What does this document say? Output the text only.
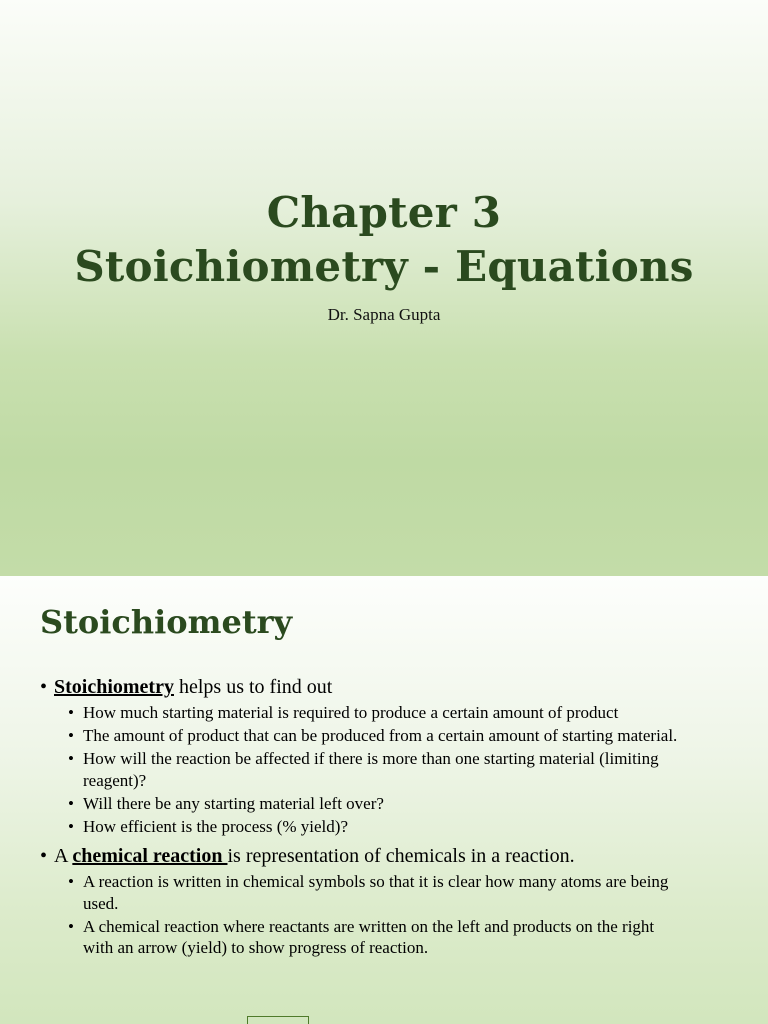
Chapter 3
Stoichiometry - Equations
Dr. Sapna Gupta
Stoichiometry
• Stoichiometry helps us to find out
• How much starting material is required to produce a certain amount of product
• The amount of product that can be produced from a certain amount of starting material.
• How will the reaction be affected if there is more than one starting material (limiting reagent)?
• Will there be any starting material left over?
• How efficient is the process (% yield)?
• A chemical reaction is representation of chemicals in a reaction.
• A reaction is written in chemical symbols so that it is clear how many atoms are being used.
• A chemical reaction where reactants are written on the left and products on the right with an arrow (yield) to show progress of reaction.
